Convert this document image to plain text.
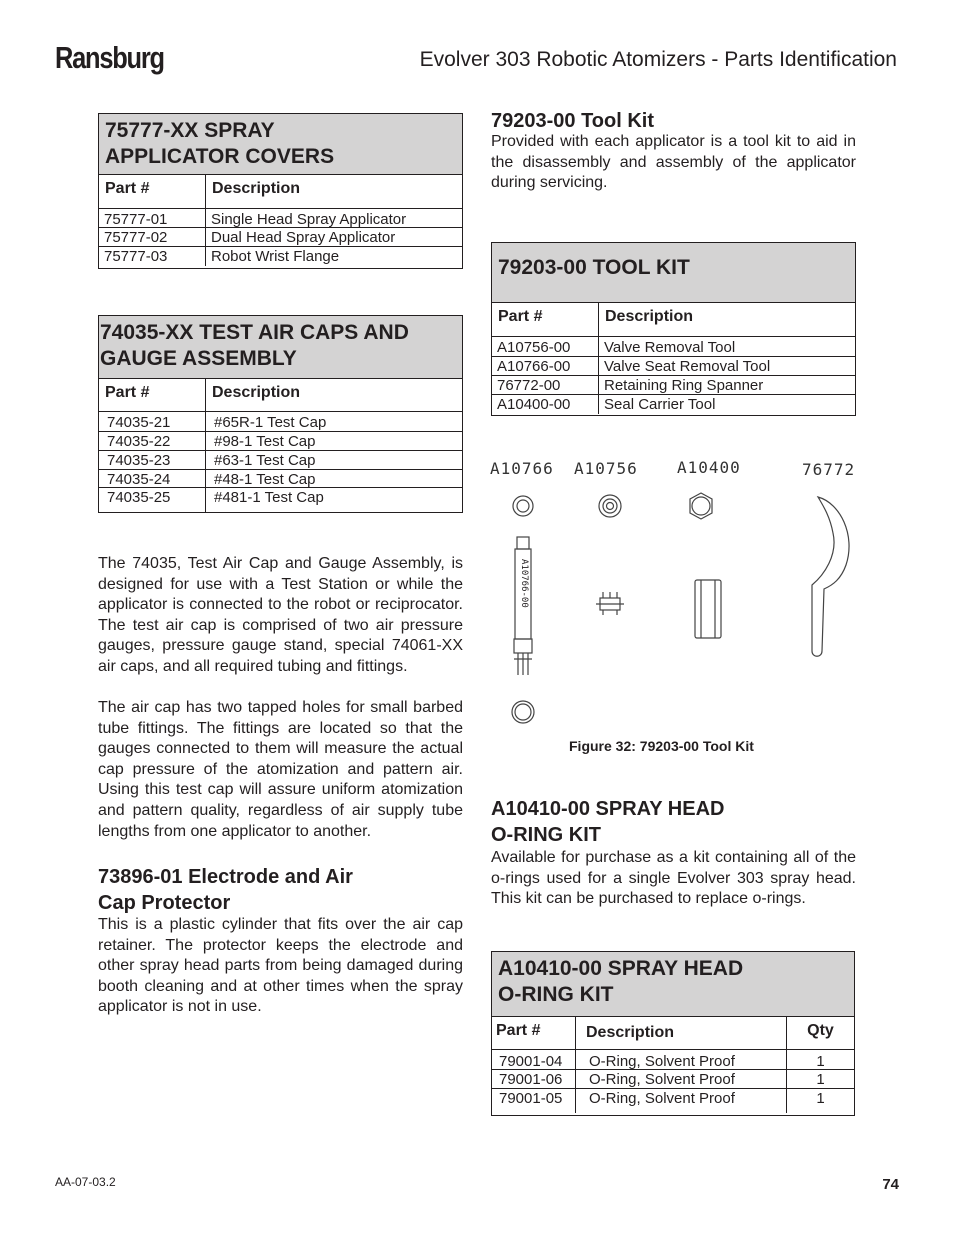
Ransburg	Evolver 303 Robotic Atomizers - Parts Identification
75777-XX SPRAY
APPLICATOR COVERS
Part #	Description
75777-01	Single Head Spray Applicator
75777-02	Dual Head Spray Applicator
75777-03	Robot Wrist Flange
74035-XX TEST AIR CAPS AND
GAUGE ASSEMBLY
Part #	Description
74035-21	#65R-1 Test Cap
74035-22	#98-1 Test Cap
74035-23	#63-1 Test Cap
74035-24	#48-1 Test Cap
74035-25	#481-1 Test Cap
The 74035, Test Air Cap and Gauge Assembly, is designed for use with a Test Station or while the applicator is connected to the robot or reciprocator. The test air cap is comprised of two air pressure gauges, pressure gauge stand, special 74061-XX air caps, and all required tubing and fittings.
The air cap has two tapped holes for small barbed tube fittings. The fittings are located so that the gauges connected to them will measure the actual cap pressure of the atomization and pattern air. Using this test cap will assure uniform atomization and pattern quality, regardless of air supply tube lengths from one applicator to another.
73896-01 Electrode and Air
Cap Protector
This is a plastic cylinder that fits over the air cap retainer. The protector keeps the electrode and other spray head parts from being damaged during booth cleaning and at other times when the spray applicator is not in use.
79203-00 Tool Kit
Provided with each applicator is a tool kit to aid in the disassembly and assembly of the applicator during servicing.
79203-00 TOOL KIT
Part #	Description
A10756-00	Valve Removal Tool
A10766-00	Valve Seat Removal Tool
76772-00	Retaining Ring Spanner
A10400-00	Seal Carrier Tool
A10766 A10756 A10400	76772
A10766-00
Figure 32: 79203-00 Tool Kit
A10410-00 SPRAY HEAD
O-RING KIT
Available for purchase as a kit containing all of the o-rings used for a single Evolver 303 spray head. This kit can be purchased to replace o-rings.
A10410-00 SPRAY HEAD
O-RING KIT
Part #	Description	Qty
79001-04	O-Ring, Solvent Proof	1
79001-06	O-Ring, Solvent Proof	1
79001-05	O-Ring, Solvent Proof	1
AA-07-03.2	74
